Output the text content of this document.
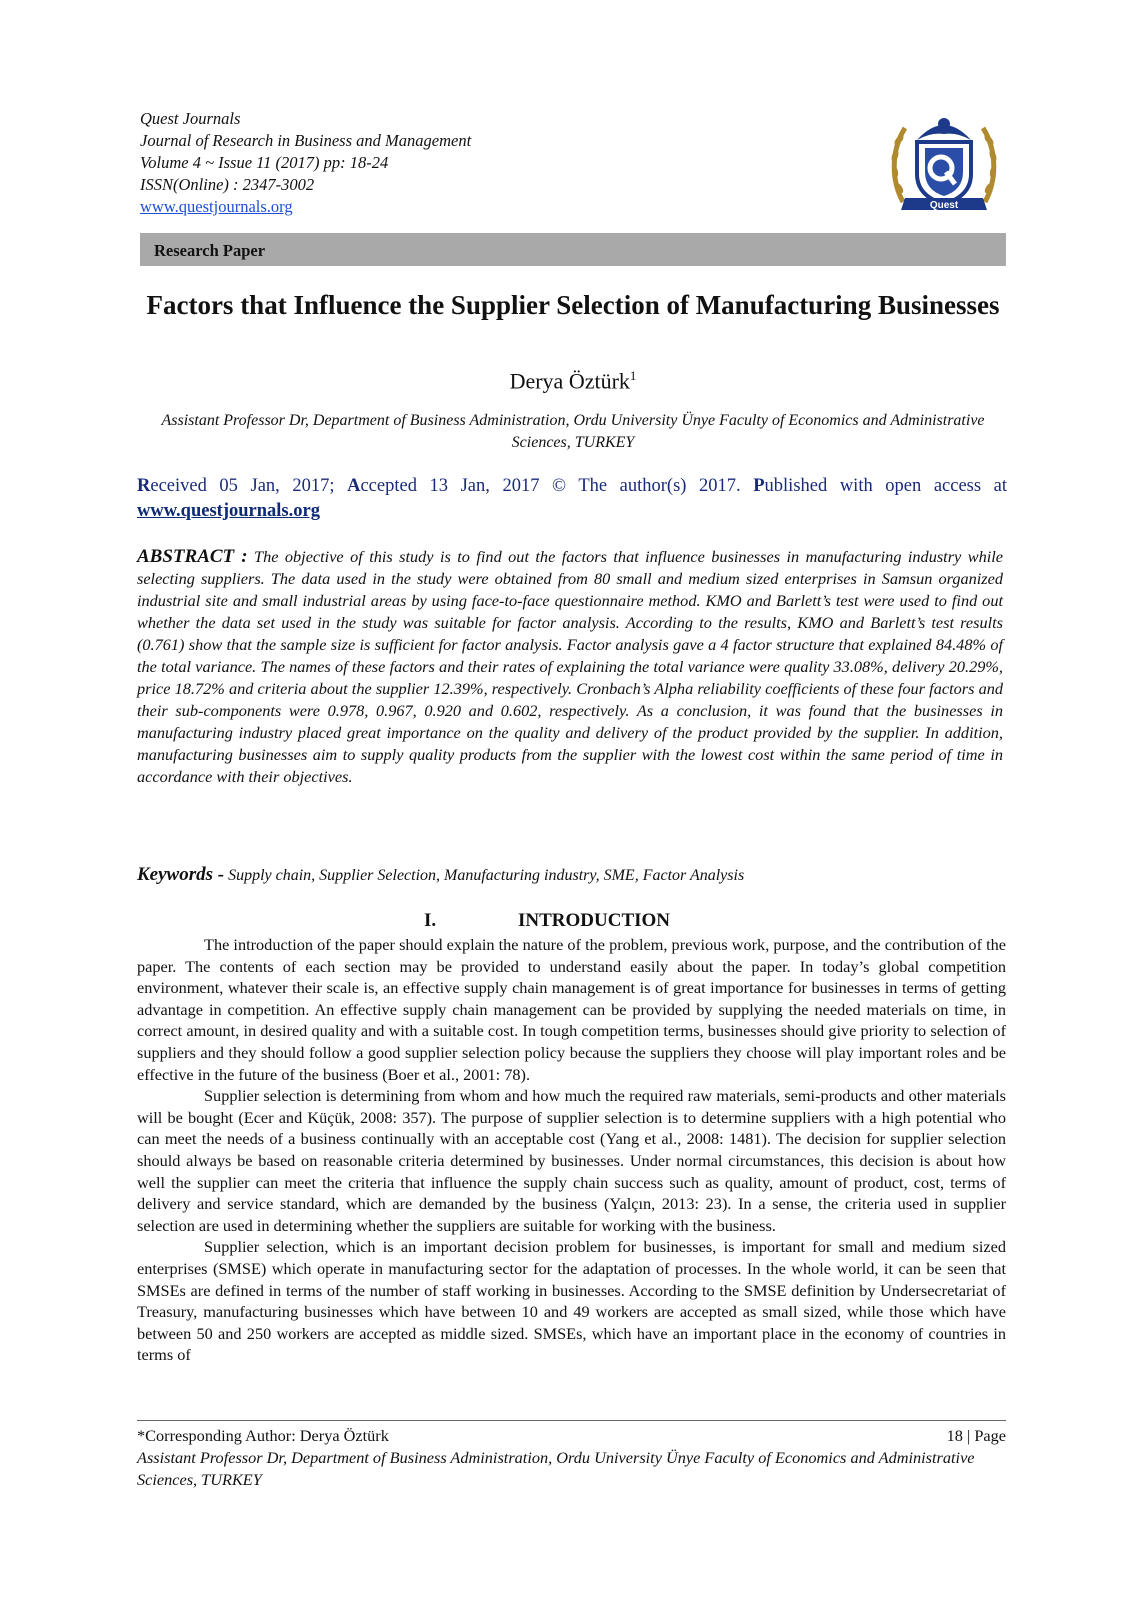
Quest Journals
Journal of Research in Business and Management
Volume 4 ~ Issue 11 (2017) pp: 18-24
ISSN(Online) : 2347-3002
www.questjournals.org	Quest
Research Paper
Factors that Influence the Supplier Selection of Manufacturing Businesses
Derya Öztürk$^1$
Assistant Professor Dr, Department of Business Administration, Ordu University Ünye Faculty of Economics and Administrative Sciences, TURKEY
Received 05 Jan, 2017; Accepted 13 Jan, 2017 © The author(s) 2017. Published with open access at www.questjournals.org
ABSTRACT : The objective of this study is to find out the factors that influence businesses in manufacturing industry while selecting suppliers. The data used in the study were obtained from 80 small and medium sized enterprises in Samsun organized industrial site and small industrial areas by using face-to-face questionnaire method. KMO and Barlett’s test were used to find out whether the data set used in the study was suitable for factor analysis. According to the results, KMO and Barlett’s test results (0.761) show that the sample size is sufficient for factor analysis. Factor analysis gave a 4 factor structure that explained 84.48% of the total variance. The names of these factors and their rates of explaining the total variance were quality 33.08%, delivery 20.29%, price 18.72% and criteria about the supplier 12.39%, respectively. Cronbach’s Alpha reliability coefficients of these four factors and their sub-components were 0.978, 0.967, 0.920 and 0.602, respectively. As a conclusion, it was found that the businesses in manufacturing industry placed great importance on the quality and delivery of the product provided by the supplier. In addition, manufacturing businesses aim to supply quality products from the supplier with the lowest cost within the same period of time in accordance with their objectives.
Keywords - Supply chain, Supplier Selection, Manufacturing industry, SME, Factor Analysis
I.	INTRODUCTION

The introduction of the paper should explain the nature of the problem, previous work, purpose, and the contribution of the paper. The contents of each section may be provided to understand easily about the paper. In today’s global competition environment, whatever their scale is, an effective supply chain management is of great importance for businesses in terms of getting advantage in competition. An effective supply chain management can be provided by supplying the needed materials on time, in correct amount, in desired quality and with a suitable cost. In tough competition terms, businesses should give priority to selection of suppliers and they should follow a good supplier selection policy because the suppliers they choose will play important roles and be effective in the future of the business (Boer et al., 2001: 78).

Supplier selection is determining from whom and how much the required raw materials, semi-products and other materials will be bought (Ecer and Küçük, 2008: 357). The purpose of supplier selection is to determine suppliers with a high potential who can meet the needs of a business continually with an acceptable cost (Yang et al., 2008: 1481). The decision for supplier selection should always be based on reasonable criteria determined by businesses. Under normal circumstances, this decision is about how well the supplier can meet the criteria that influence the supply chain success such as quality, amount of product, cost, terms of delivery and service standard, which are demanded by the business (Yalçın, 2013: 23). In a sense, the criteria used in supplier selection are used in determining whether the suppliers are suitable for working with the business.

Supplier selection, which is an important decision problem for businesses, is important for small and medium sized enterprises (SMSE) which operate in manufacturing sector for the adaptation of processes. In the whole world, it can be seen that SMSEs are defined in terms of the number of staff working in businesses. According to the SMSE definition by Undersecretariat of Treasury, manufacturing businesses which have between 10 and 49 workers are accepted as small sized, while those which have between 50 and 250 workers are accepted as middle sized. SMSEs, which have an important place in the economy of countries in terms of

*Corresponding Author: Derya Öztürk	18 | Page
Assistant Professor Dr, Department of Business Administration, Ordu University Ünye Faculty of Economics and Administrative Sciences, TURKEY
